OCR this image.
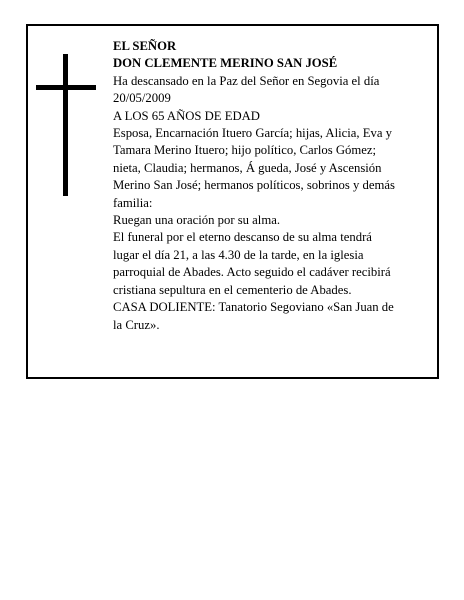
EL SEÑOR

DON CLEMENTE MERINO SAN JOSÉ

Ha descansado en la Paz del Señor en Segovia el día

20/05/2009

A LOS 65 AÑOS DE EDAD

Esposa, Encarnación Ituero García; hijas, Alicia, Eva y

Tamara Merino Ituero; hijo político, Carlos Gómez;

nieta, Claudia; hermanos, Á gueda, José y Ascensión

Merino San José; hermanos políticos, sobrinos y demás

familia:

Ruegan una oración por su alma.

El funeral por el eterno descanso de su alma tendrá

lugar el día 21, a las 4.30 de la tarde, en la iglesia

parroquial de Abades. Acto seguido el cadáver recibirá

cristiana sepultura en el cementerio de Abades.

CASA DOLIENTE: Tanatorio Segoviano «San Juan de

la Cruz».
